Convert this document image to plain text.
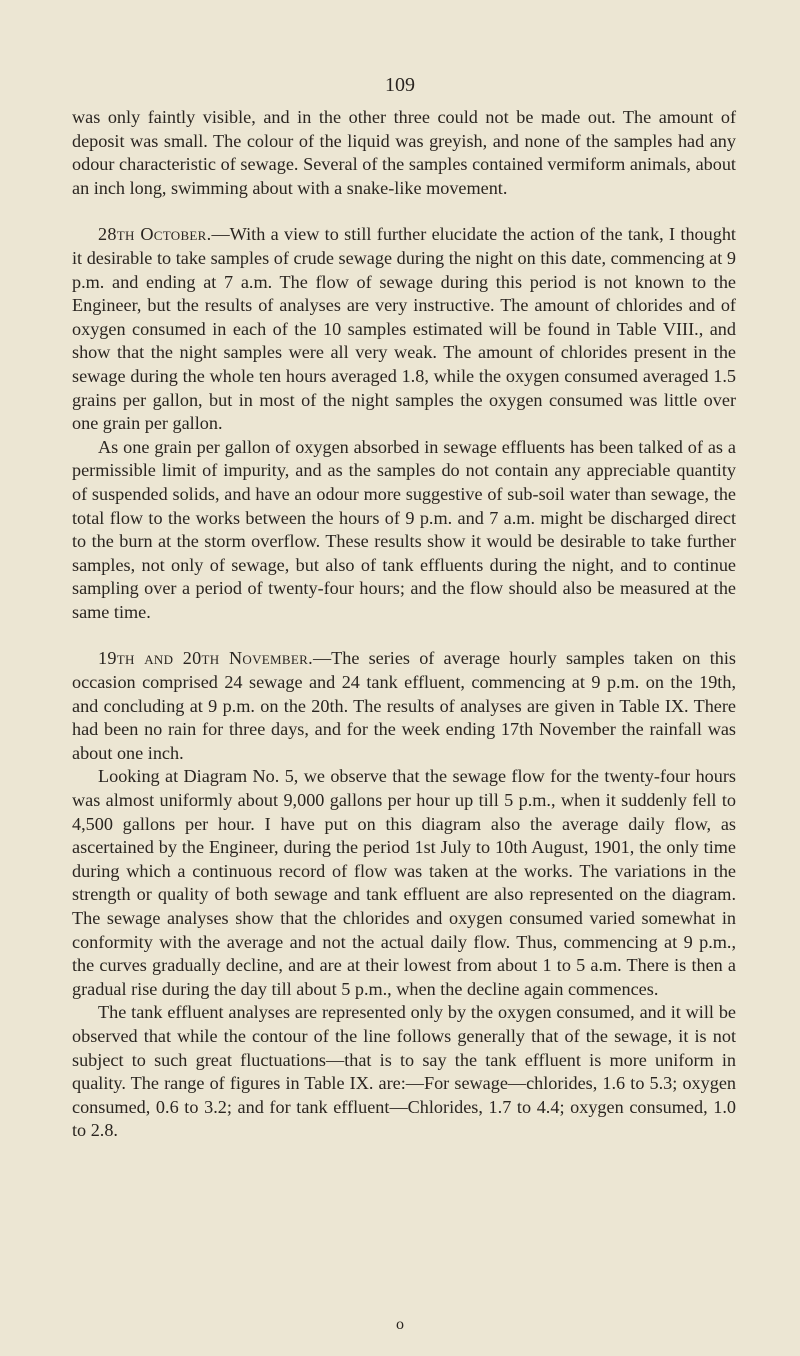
109

was only faintly visible, and in the other three could not be made out. The amount of deposit was small. The colour of the liquid was greyish, and none of the samples had any odour characteristic of sewage. Several of the samples contained vermiform animals, about an inch long, swimming about with a snake-like movement.

28th October.—With a view to still further elucidate the action of the tank, I thought it desirable to take samples of crude sewage during the night on this date, commencing at 9 p.m. and ending at 7 a.m. The flow of sewage during this period is not known to the Engineer, but the results of analyses are very instructive. The amount of chlorides and of oxygen consumed in each of the 10 samples estimated will be found in Table VIII., and show that the night samples were all very weak. The amount of chlorides present in the sewage during the whole ten hours averaged 1.8, while the oxygen consumed averaged 1.5 grains per gallon, but in most of the night samples the oxygen consumed was little over one grain per gallon.

As one grain per gallon of oxygen absorbed in sewage effluents has been talked of as a permissible limit of impurity, and as the samples do not contain any appreciable quantity of suspended solids, and have an odour more suggestive of sub-soil water than sewage, the total flow to the works between the hours of 9 p.m. and 7 a.m. might be discharged direct to the burn at the storm overflow. These results show it would be desirable to take further samples, not only of sewage, but also of tank effluents during the night, and to continue sampling over a period of twenty-four hours; and the flow should also be measured at the same time.

19th and 20th November.—The series of average hourly samples taken on this occasion comprised 24 sewage and 24 tank effluent, commencing at 9 p.m. on the 19th, and concluding at 9 p.m. on the 20th. The results of analyses are given in Table IX. There had been no rain for three days, and for the week ending 17th November the rainfall was about one inch.

Looking at Diagram No. 5, we observe that the sewage flow for the twenty-four hours was almost uniformly about 9,000 gallons per hour up till 5 p.m., when it suddenly fell to 4,500 gallons per hour. I have put on this diagram also the average daily flow, as ascertained by the Engineer, during the period 1st July to 10th August, 1901, the only time during which a continuous record of flow was taken at the works. The variations in the strength or quality of both sewage and tank effluent are also represented on the diagram. The sewage analyses show that the chlorides and oxygen consumed varied somewhat in conformity with the average and not the actual daily flow. Thus, commencing at 9 p.m., the curves gradually decline, and are at their lowest from about 1 to 5 a.m. There is then a gradual rise during the day till about 5 p.m., when the decline again commences.

The tank effluent analyses are represented only by the oxygen consumed, and it will be observed that while the contour of the line follows generally that of the sewage, it is not subject to such great fluctuations—that is to say the tank effluent is more uniform in quality. The range of figures in Table IX. are:—For sewage—chlorides, 1.6 to 5.3; oxygen consumed, 0.6 to 3.2; and for tank effluent—Chlorides, 1.7 to 4.4; oxygen consumed, 1.0 to 2.8.

o
